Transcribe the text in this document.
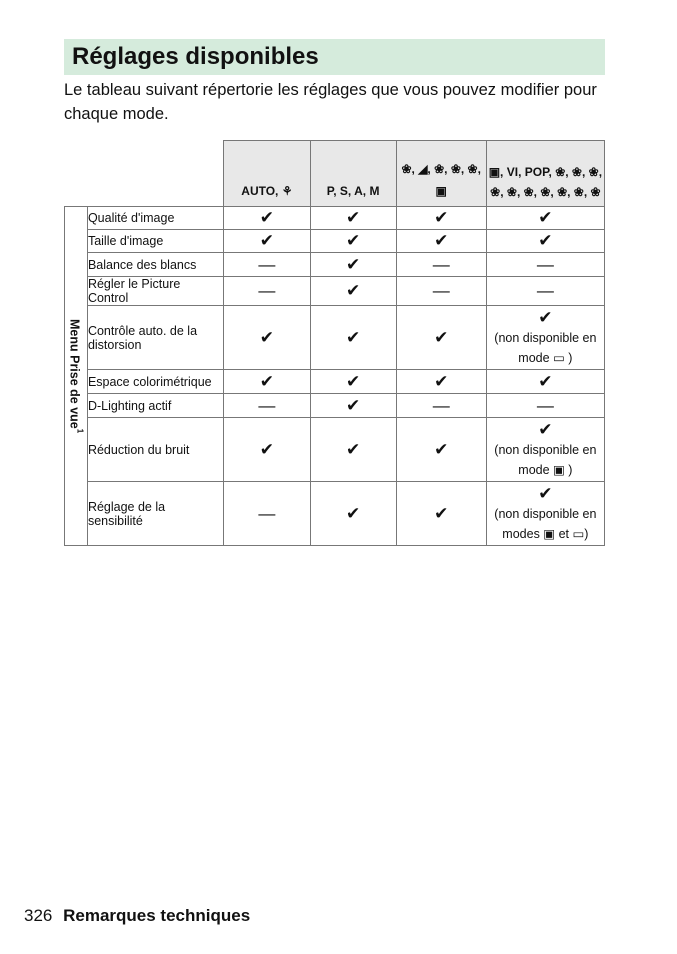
Réglages disponibles

Le tableau suivant répertorie les réglages que vous pouvez modifier pour chaque mode.

		AUTO, ⚘	P, S, A, M	❀, ◢, ❀, ❀, ❀, ▣	▣, VI, POP, ❀, ❀, ❀, ❀, ❀, ❀, ❀, ❀, ❀, ❀

Menu Prise de vue$^1$	Qualité d'image	✔	✔	✔	✔

	Taille d'image	✔	✔	✔	✔

	Balance des blancs	—	✔	—	—

	Régler le Picture Control	—	✔	—	—

	Contrôle auto. de la distorsion	✔	✔	✔	✔
(non disponible en mode ▭ )

	Espace colorimétrique	✔	✔	✔	✔

	D-Lighting actif	—	✔	—	—

	Réduction du bruit	✔	✔	✔	✔
(non disponible en mode ▣ )

	Réglage de la sensibilité	—	✔	✔	✔
(non disponible en modes ▣ et ▭)
326 Remarques techniques
